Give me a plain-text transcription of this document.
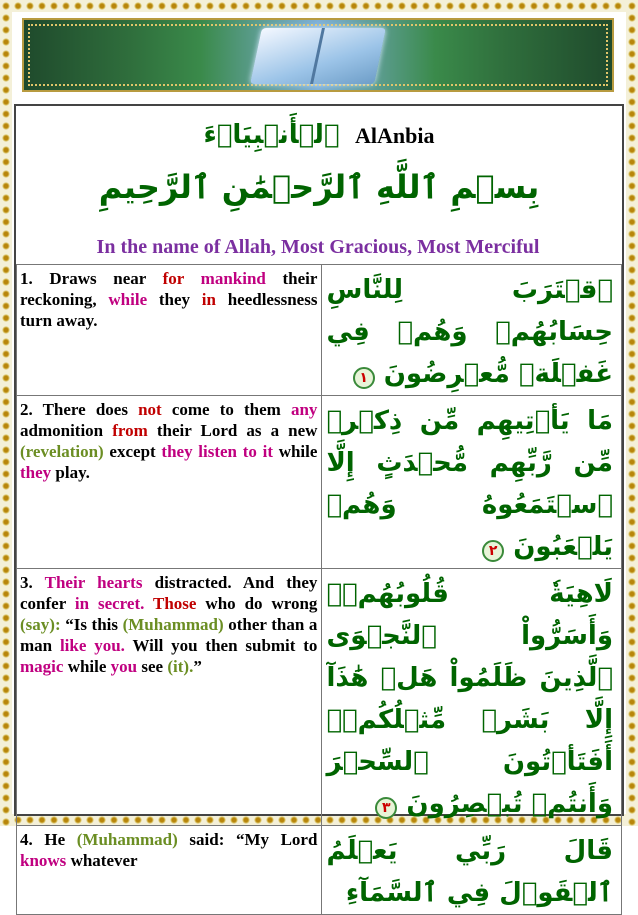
ٱلۡأَنۡبِيَاۤءَ AlAnbia
بِسۡمِ ٱللَّهِ ٱلرَّحۡمَٰنِ ٱلرَّحِيمِ
In the name of Allah, Most Gracious, Most Merciful
1. Draws near for mankind their reckoning, while they in heedlessness turn away.	ٱقۡتَرَبَ لِلنَّاسِ حِسَابُهُمۡ وَهُمۡ فِي غَفۡلَةٖ مُّعۡرِضُونَ ١
2. There does not come to them any admonition from their Lord as a new (revelation) except they listen to it while they play.	مَا يَأۡتِيهِم مِّن ذِكۡرٖ مِّن رَّبِّهِم مُّحۡدَثٍ إِلَّا ٱسۡتَمَعُوهُ وَهُمۡ يَلۡعَبُونَ ٢
3. Their hearts distracted. And they confer in secret. Those who do wrong (say): “Is this (Muhammad) other than a man like you. Will you then submit to magic while you see (it).”	لَاهِيَةٗ قُلُوبُهُمۡۗ وَأَسَرُّواْ ٱلنَّجۡوَى ٱلَّذِينَ ظَلَمُواْ هَلۡ هَٰذَآ إِلَّا بَشَرٞ مِّثۡلُكُمۡۖ أَفَتَأۡتُونَ ٱلسِّحۡرَ وَأَنتُمۡ تُبۡصِرُونَ ٣
4. He (Muhammad) said: “My Lord knows whatever	قَالَ رَبِّي يَعۡلَمُ ٱلۡقَوۡلَ فِي ٱلسَّمَآءِ
